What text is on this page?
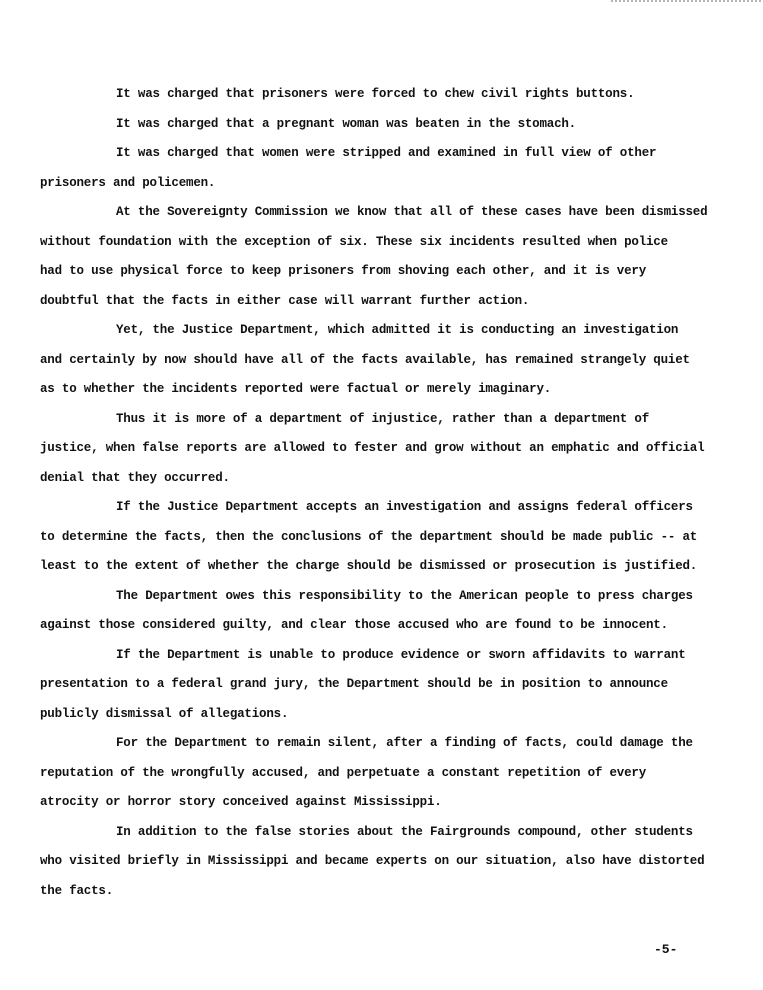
It was charged that prisoners were forced to chew civil rights buttons.

It was charged that a pregnant woman was beaten in the stomach.

It was charged that women were stripped and examined in full view of other
prisoners and policemen.

At the Sovereignty Commission we know that all of these cases have been dismissed
without foundation with the exception of six. These six incidents resulted when police
had to use physical force to keep prisoners from shoving each other, and it is very
doubtful that the facts in either case will warrant further action.

Yet, the Justice Department, which admitted it is conducting an investigation
and certainly by now should have all of the facts available, has remained strangely quiet
as to whether the incidents reported were factual or merely imaginary.

Thus it is more of a department of injustice, rather than a department of
justice, when false reports are allowed to fester and grow without an emphatic and official
denial that they occurred.

If the Justice Department accepts an investigation and assigns federal officers
to determine the facts, then the conclusions of the department should be made public -- at
least to the extent of whether the charge should be dismissed or prosecution is justified.

The Department owes this responsibility to the American people to press charges
against those considered guilty, and clear those accused who are found to be innocent.

If the Department is unable to produce evidence or sworn affidavits to warrant
presentation to a federal grand jury, the Department should be in position to announce
publicly dismissal of allegations.

For the Department to remain silent, after a finding of facts, could damage the
reputation of the wrongfully accused, and perpetuate a constant repetition of every
atrocity or horror story conceived against Mississippi.

In addition to the false stories about the Fairgrounds compound, other students
who visited briefly in Mississippi and became experts on our situation, also have distorted
the facts.

-5-
